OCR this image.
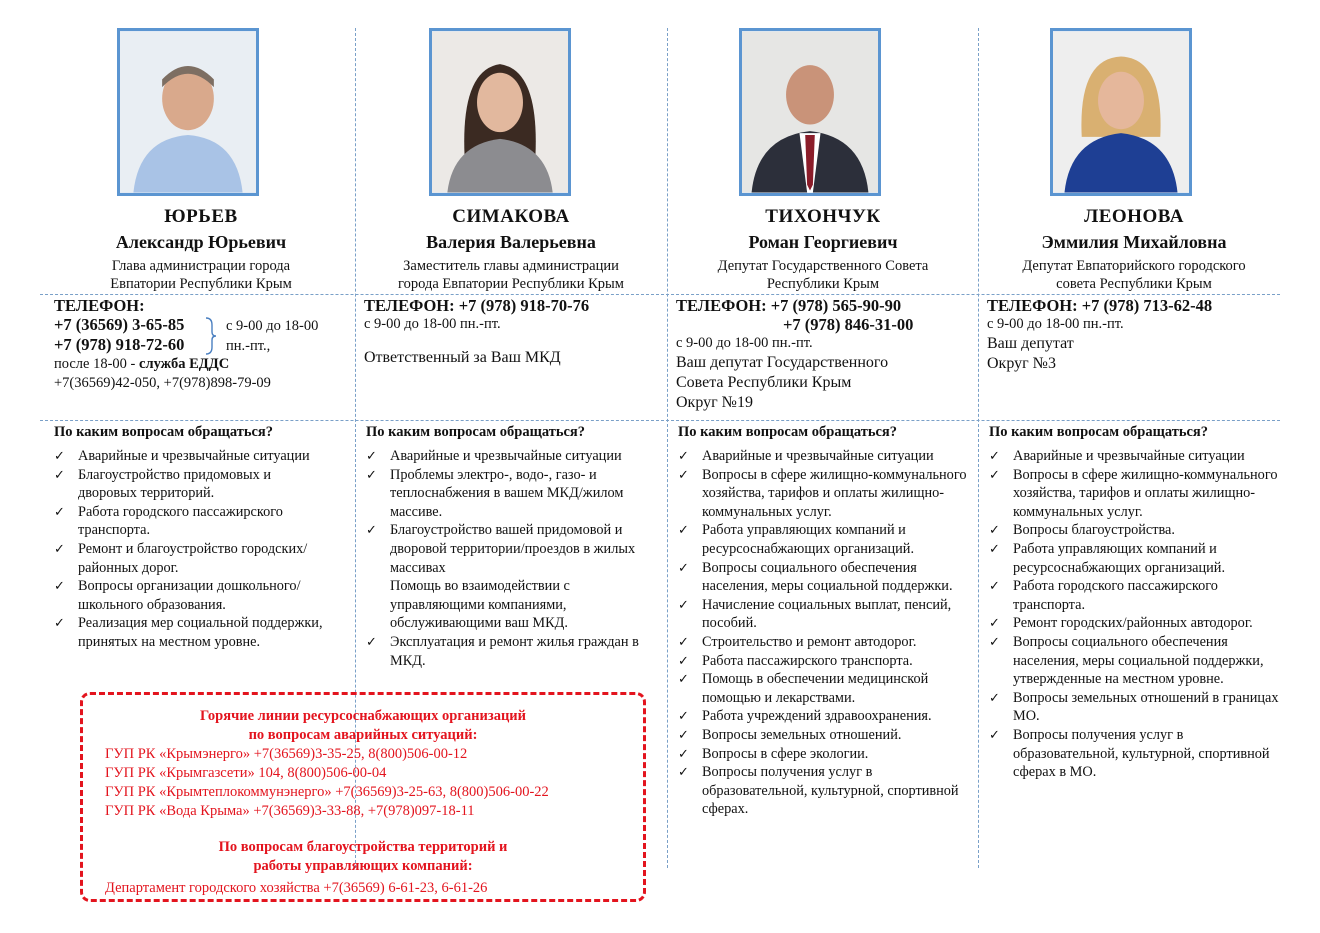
ЮРЬЕВ
Александр Юрьевич
Глава администрации города
Евпатории Республики Крым
ТЕЛЕФОН:
+7 (36569) 3-65-85
+7 (978) 918-72-60
с 9-00 до 18-00
пн.-пт.,
после 18-00 - служба ЕДДС
+7(36569)42-050, +7(978)898-79-09
По каким вопросам обращаться?
✓ Аварийные и чрезвычайные ситуации
✓ Благоустройство придомовых и дворовых территорий.
✓ Работа городского пассажирского транспорта.
✓ Ремонт и благоустройство городских/районных дорог.
✓ Вопросы организации дошкольного/школьного образования.
✓ Реализация мер социальной поддержки, принятых на местном уровне.
СИМАКОВА
Валерия Валерьевна
Заместитель главы администрации
города Евпатории Республики Крым
ТЕЛЕФОН: +7 (978) 918-70-76
с 9-00 до 18-00 пн.-пт.
Ответственный за Ваш МКД
По каким вопросам обращаться?
✓ Аварийные и чрезвычайные ситуации
✓ Проблемы электро-, водо-, газо- и теплоснабжения в вашем МКД/жилом массиве.
✓ Благоустройство вашей придомовой и дворовой территории/проездов в жилых массивах
Помощь во взаимодействии с управляющими компаниями, обслуживающими ваш МКД.
✓ Эксплуатация и ремонт жилья граждан в МКД.
ТИХОНЧУК
Роман Георгиевич
Депутат Государственного Совета
Республики Крым
ТЕЛЕФОН: +7 (978) 565-90-90
+7 (978) 846-31-00
с 9-00 до 18-00 пн.-пт.
Ваш депутат Государственного
Совета Республики Крым
Округ №19
По каким вопросам обращаться?
✓ Аварийные и чрезвычайные ситуации
✓ Вопросы в сфере жилищно-коммунального хозяйства, тарифов и оплаты жилищно-коммунальных услуг.
✓ Работа управляющих компаний и ресурсоснабжающих организаций.
✓ Вопросы социального обеспечения населения, меры социальной поддержки.
✓ Начисление социальных выплат, пенсий, пособий.
✓ Строительство и ремонт автодорог.
✓ Работа пассажирского транспорта.
✓ Помощь в обеспечении медицинской помощью и лекарствами.
✓ Работа учреждений здравоохранения.
✓ Вопросы земельных отношений.
✓ Вопросы в сфере экологии.
✓ Вопросы получения услуг в образовательной, культурной, спортивной сферах.
ЛЕОНОВА
Эммилия Михайловна
Депутат Евпаторийского городского
совета Республики Крым
ТЕЛЕФОН: +7 (978) 713-62-48
с 9-00 до 18-00 пн.-пт.
Ваш депутат
Округ №3
По каким вопросам обращаться?
✓ Аварийные и чрезвычайные ситуации
✓ Вопросы в сфере жилищно-коммунального хозяйства, тарифов и оплаты жилищно-коммунальных услуг.
✓ Вопросы благоустройства.
✓ Работа управляющих компаний и ресурсоснабжающих организаций.
✓ Работа городского пассажирского транспорта.
✓ Ремонт городских/районных автодорог.
✓ Вопросы социального обеспечения населения, меры социальной поддержки, утвержденные на местном уровне.
✓ Вопросы земельных отношений в границах МО.
✓ Вопросы получения услуг в образовательной, культурной, спортивной сферах в МО.
Горячие линии ресурсоснабжающих организаций
по вопросам аварийных ситуаций:
ГУП РК «Крымэнерго» +7(36569)3-35-25, 8(800)506-00-12
ГУП РК «Крымгазсети» 104, 8(800)506-00-04
ГУП РК «Крымтеплокоммунэнерго» +7(36569)3-25-63, 8(800)506-00-22
ГУП РК «Вода Крыма» +7(36569)3-33-88, +7(978)097-18-11
По вопросам благоустройства территорий и
работы управляющих компаний:
Департамент городского хозяйства +7(36569) 6-61-23, 6-61-26
